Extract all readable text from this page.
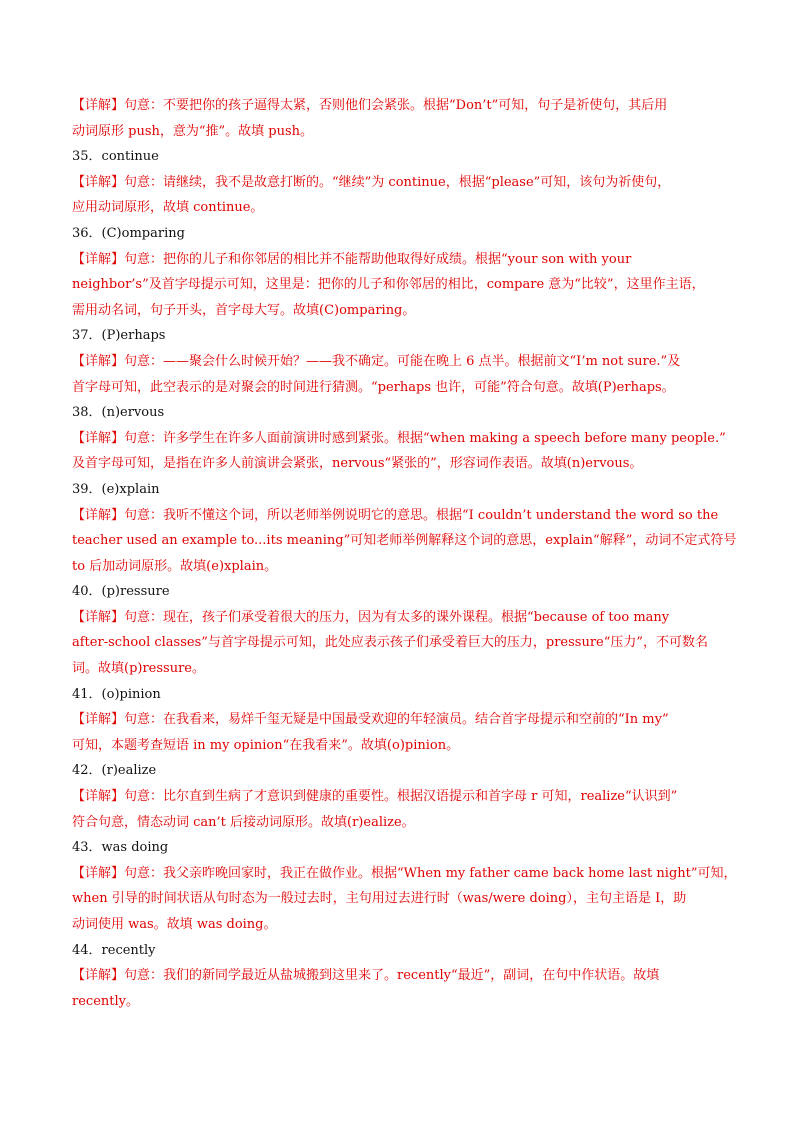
【详解】句意：不要把你的孩子逼得太紧，否则他们会紧张。根据“Don’t”可知，句子是祈使句，其后用
动词原形 push，意为“推”。故填 push。
35．continue
【详解】句意：请继续，我不是故意打断的。“继续”为 continue，根据“please”可知，该句为祈使句，
应用动词原形，故填 continue。
36．(C)omparing
【详解】句意：把你的儿子和你邻居的相比并不能帮助他取得好成绩。根据“your son with your
neighbor’s”及首字母提示可知，这里是：把你的儿子和你邻居的相比，compare 意为“比较”，这里作主语，
需用动名词，句子开头，首字母大写。故填(C)omparing。
37．(P)erhaps
【详解】句意：——聚会什么时候开始？——我不确定。可能在晚上 6 点半。根据前文“I’m not sure.”及
首字母可知，此空表示的是对聚会的时间进行猜测。“perhaps 也许，可能”符合句意。故填(P)erhaps。
38．(n)ervous
【详解】句意：许多学生在许多人面前演讲时感到紧张。根据“when making a speech before many people.”
及首字母可知，是指在许多人前演讲会紧张，nervous“紧张的”，形容词作表语。故填(n)ervous。
39．(e)xplain
【详解】句意：我听不懂这个词，所以老师举例说明它的意思。根据“I couldn’t understand the word so the
teacher used an example to...its meaning”可知老师举例解释这个词的意思，explain“解释”，动词不定式符号
to 后加动词原形。故填(e)xplain。
40．(p)ressure
【详解】句意：现在，孩子们承受着很大的压力，因为有太多的课外课程。根据“because of too many
after-school classes”与首字母提示可知，此处应表示孩子们承受着巨大的压力，pressure“压力”，不可数名
词。故填(p)ressure。
41．(o)pinion
【详解】句意：在我看来，易烊千玺无疑是中国最受欢迎的年轻演员。结合首字母提示和空前的“In my”
可知，本题考查短语 in my opinion“在我看来”。故填(o)pinion。
42．(r)ealize
【详解】句意：比尔直到生病了才意识到健康的重要性。根据汉语提示和首字母 r 可知，realize“认识到”
符合句意，情态动词 can’t 后接动词原形。故填(r)ealize。
43．was doing
【详解】句意：我父亲昨晚回家时，我正在做作业。根据“When my father came back home last night”可知，
when 引导的时间状语从句时态为一般过去时，主句用过去进行时（was/were doing），主句主语是 I，助
动词使用 was。故填 was doing。
44．recently
【详解】句意：我们的新同学最近从盐城搬到这里来了。recently“最近”，副词，在句中作状语。故填
recently。
